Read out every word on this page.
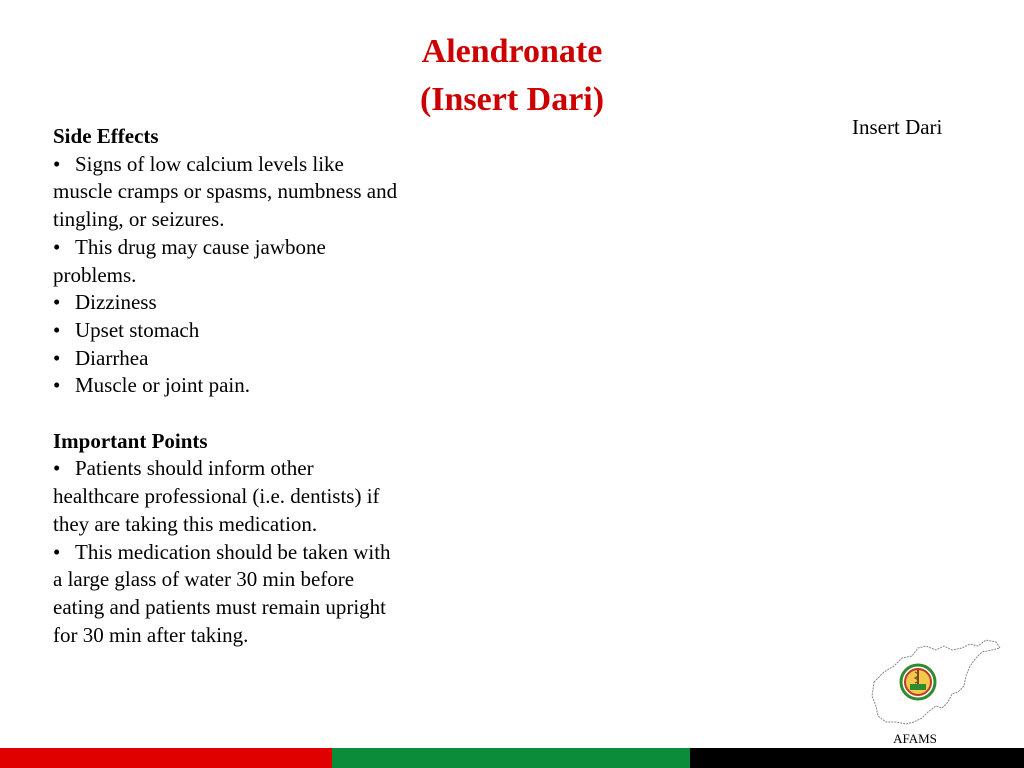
Alendronate
(Insert Dari)
Insert Dari
Side Effects
• Signs of low calcium levels like muscle cramps or spasms, numbness and tingling, or seizures.
• This drug may cause jawbone problems.
• Dizziness
• Upset stomach
• Diarrhea
• Muscle or joint pain.
Important Points
• Patients should inform other healthcare professional (i.e. dentists) if they are taking this medication.
• This medication should be taken with a large glass of water 30 min before eating and patients must remain upright for 30 min after taking.
AFAMS
